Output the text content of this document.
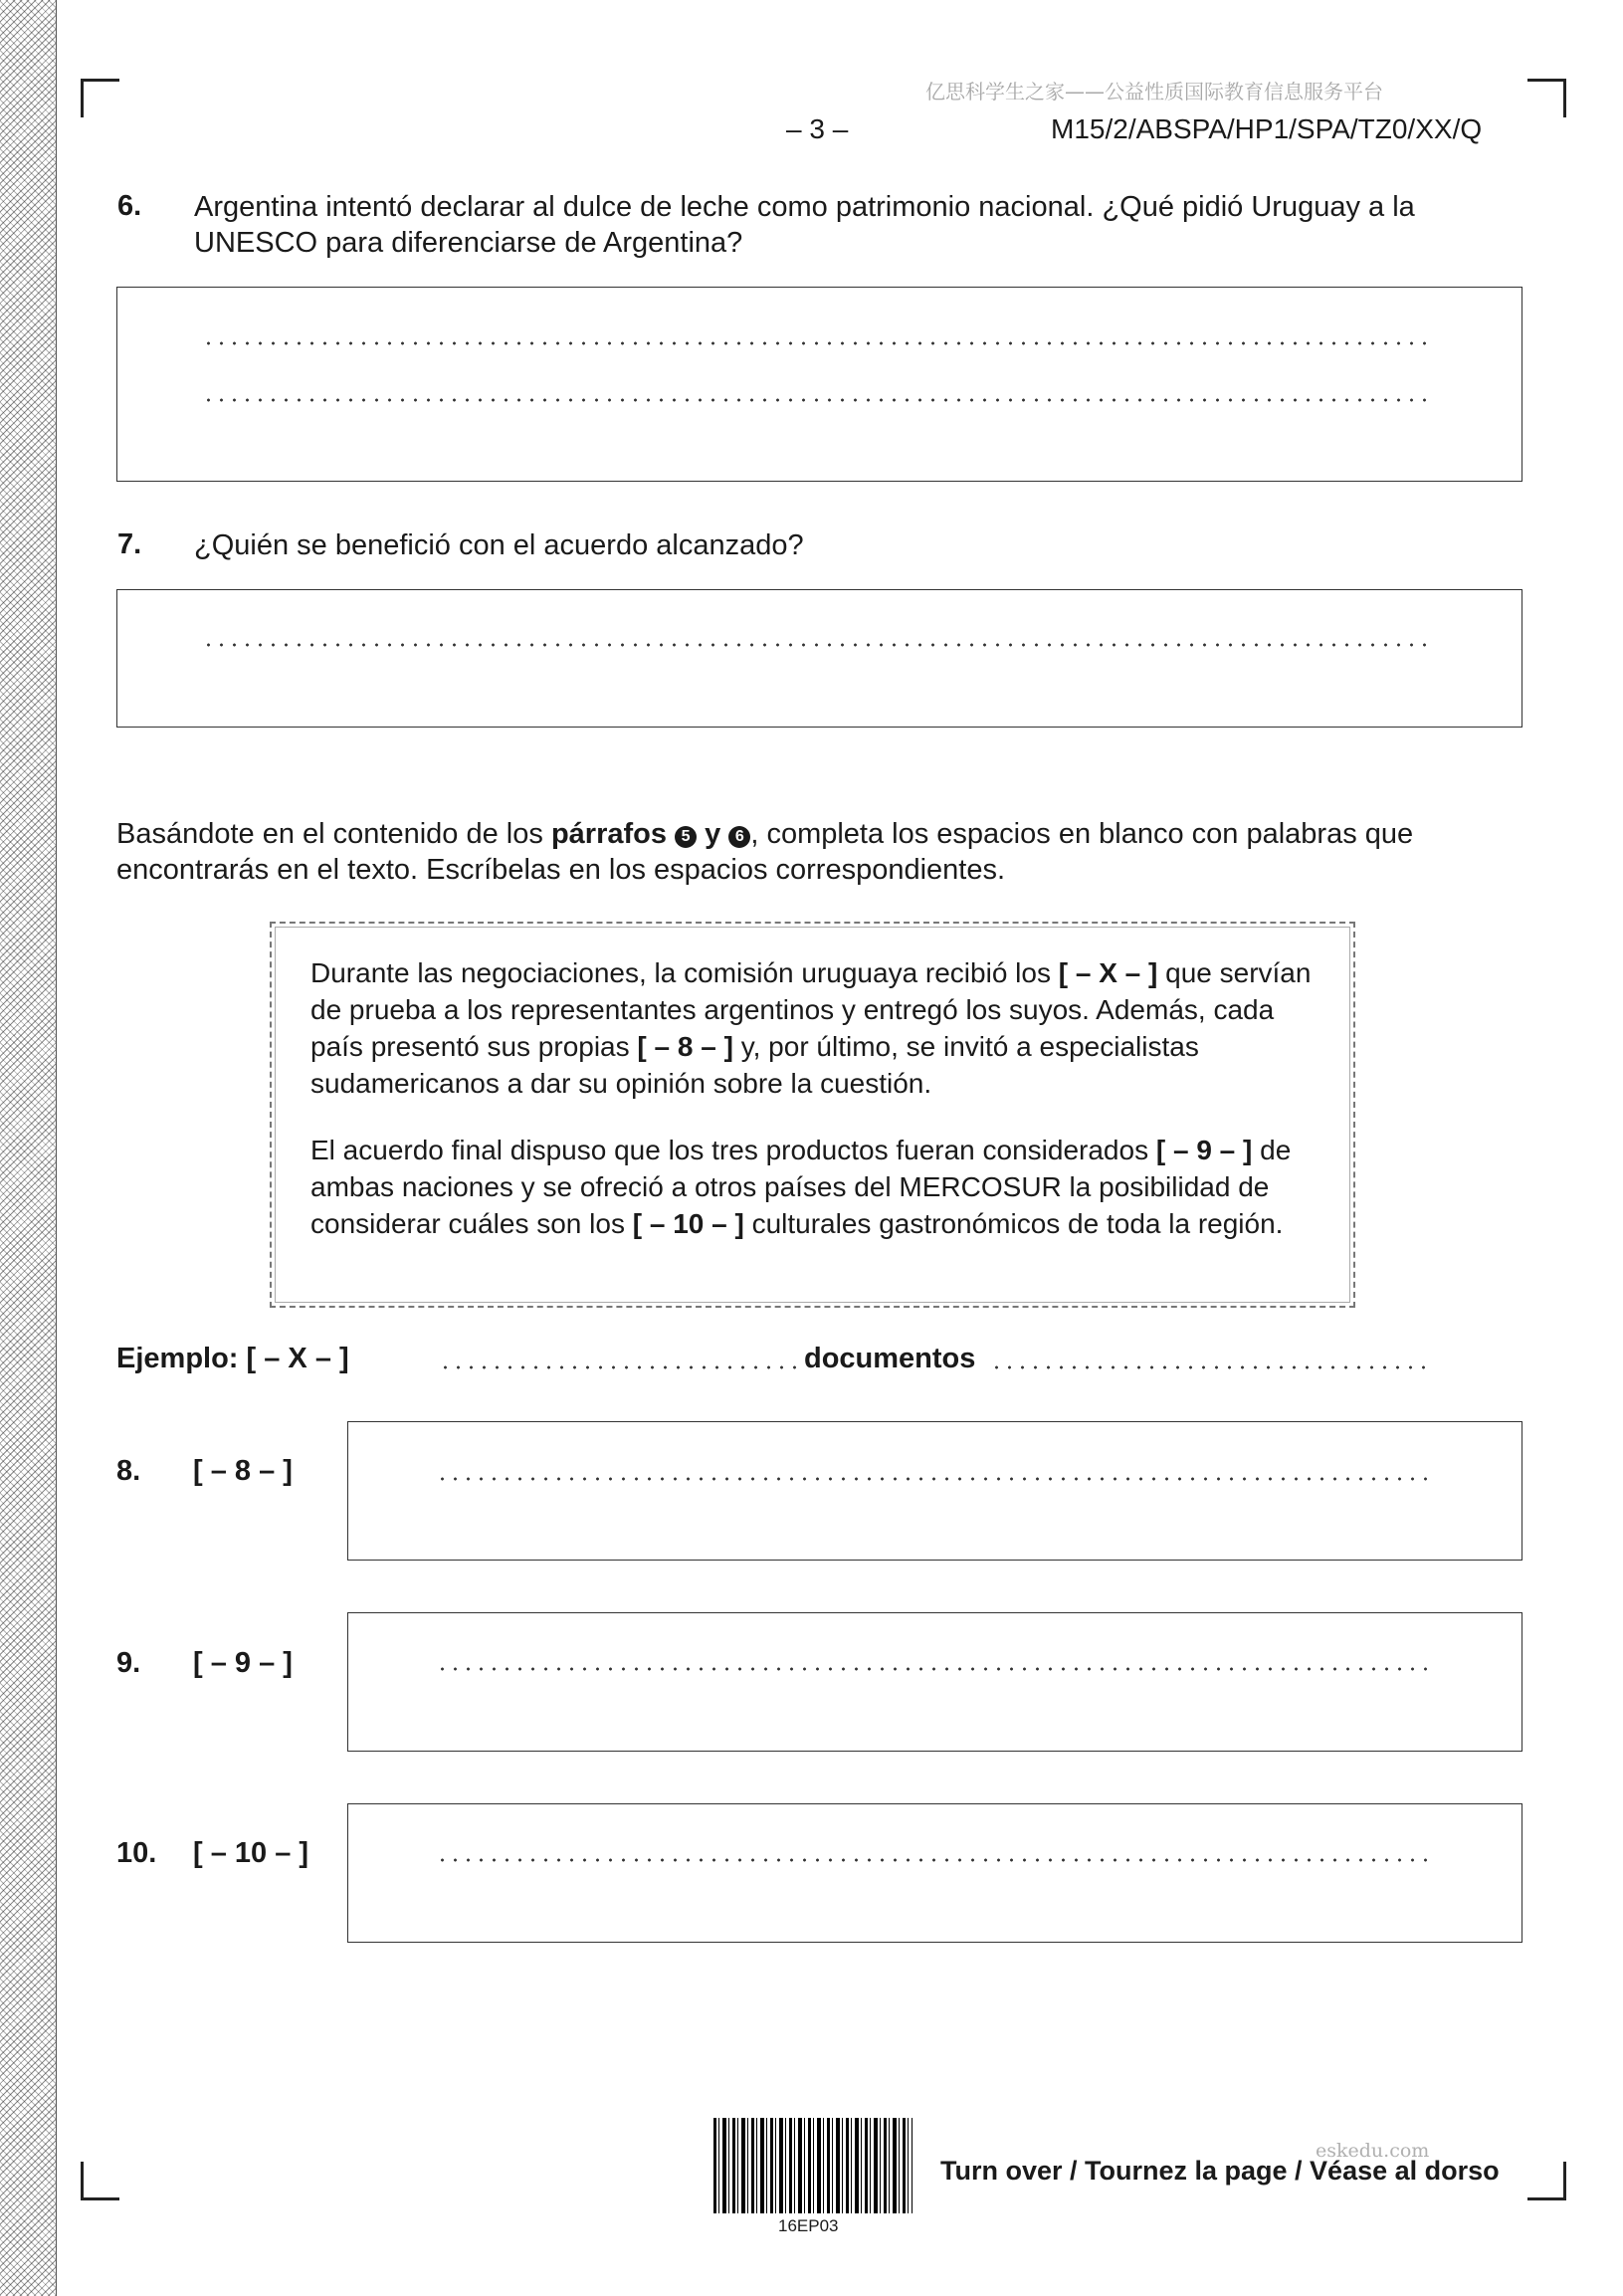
亿思科学生之家——公益性质国际教育信息服务平台
– 3 –	M15/2/ABSPA/HP1/SPA/TZ0/XX/Q
6. Argentina intentó declarar al dulce de leche como patrimonio nacional. ¿Qué pidió Uruguay a la
UNESCO para diferenciarse de Argentina?
7. ¿Quién se benefició con el acuerdo alcanzado?
Basándote en el contenido de los párrafos 5 y 6 , completa los espacios en blanco con palabras que
encontrarás en el texto. Escríbelas en los espacios correspondientes.

Durante las negociaciones, la comisión uruguaya recibió los [ – X – ] que servían de prueba a los representantes argentinos y entregó los suyos. Además, cada país presentó sus propias [ – 8 – ] y, por último, se invitó a especialistas sudamericanos a dar su opinión sobre la cuestión.

El acuerdo final dispuso que los tres productos fueran considerados [ – 9 – ] de ambas naciones y se ofreció a otros países del MERCOSUR la posibilidad de considerar cuáles son los [ – 10 – ] culturales gastronómicos de toda la región.

Ejemplo: [ – X – ]	documentos
8. [ – 8 – ]
9. [ – 9 – ]
10. [ – 10 – ]
16EP03
eskedu.com
Turn over / Tournez la page / Véase al dorso
